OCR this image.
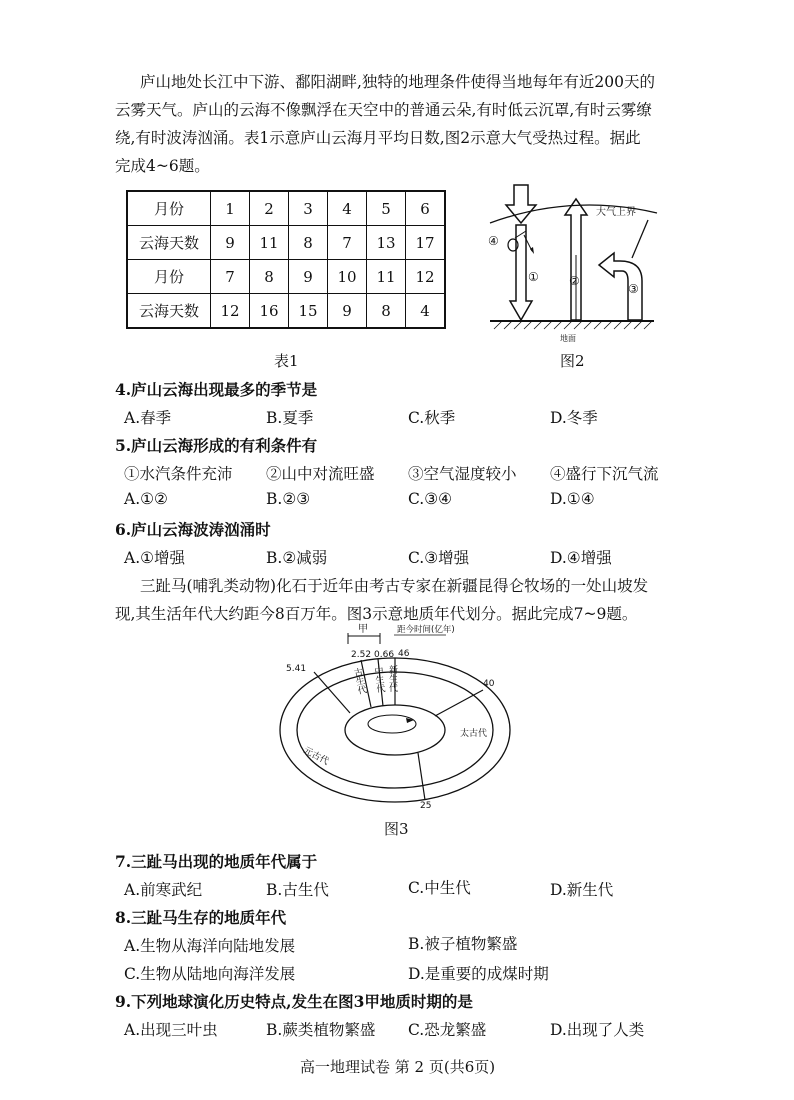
庐山地处长江中下游、鄱阳湖畔,独特的地理条件使得当地每年有近200天的
云雾天气。庐山的云海不像飘浮在天空中的普通云朵,有时低云沉罩,有时云雾缭
绕,有时波涛汹涌。表1示意庐山云海月平均日数,图2示意大气受热过程。据此
完成4~6题。
月份	1	2	3	4	5	6
云海天数	9	11	8	7	13	17
月份	7	8	9	10	11	12
云海天数	12	16	15	9	8	4
表1
大气上界
①
④
②
③
地面
图2
4.庐山云海出现最多的季节是
A.春季	B.夏季	C.秋季	D.冬季
5.庐山云海形成的有利条件有
①水汽条件充沛 ②山中对流旺盛 ③空气湿度较小 ④盛行下沉气流
A.①②	B.②③	C.③④	D.①④
6.庐山云海波涛汹涌时
A.①增强	B.②减弱	C.③增强	D.④增强
三趾马(哺乳类动物)化石于近年由考古专家在新疆昆得仑牧场的一处山坡发
现,其生活年代大约距今8百万年。图3示意地质年代划分。据此完成7~9题。
甲	距今时间(亿年)
2.52 0.66 46
5.41
40
25
新生代
中生代
古生代
元古代
太古代
图3
7.三趾马出现的地质年代属于
A.前寒武纪	B.古生代	C.中生代	D.新生代
8.三趾马生存的地质年代
A.生物从海洋向陆地发展	B.被子植物繁盛
C.生物从陆地向海洋发展	D.是重要的成煤时期
9.下列地球演化历史特点,发生在图3甲地质时期的是
A.出现三叶虫	B.蕨类植物繁盛 C.恐龙繁盛	D.出现了人类
高一地理试卷 第 2 页(共6页)
